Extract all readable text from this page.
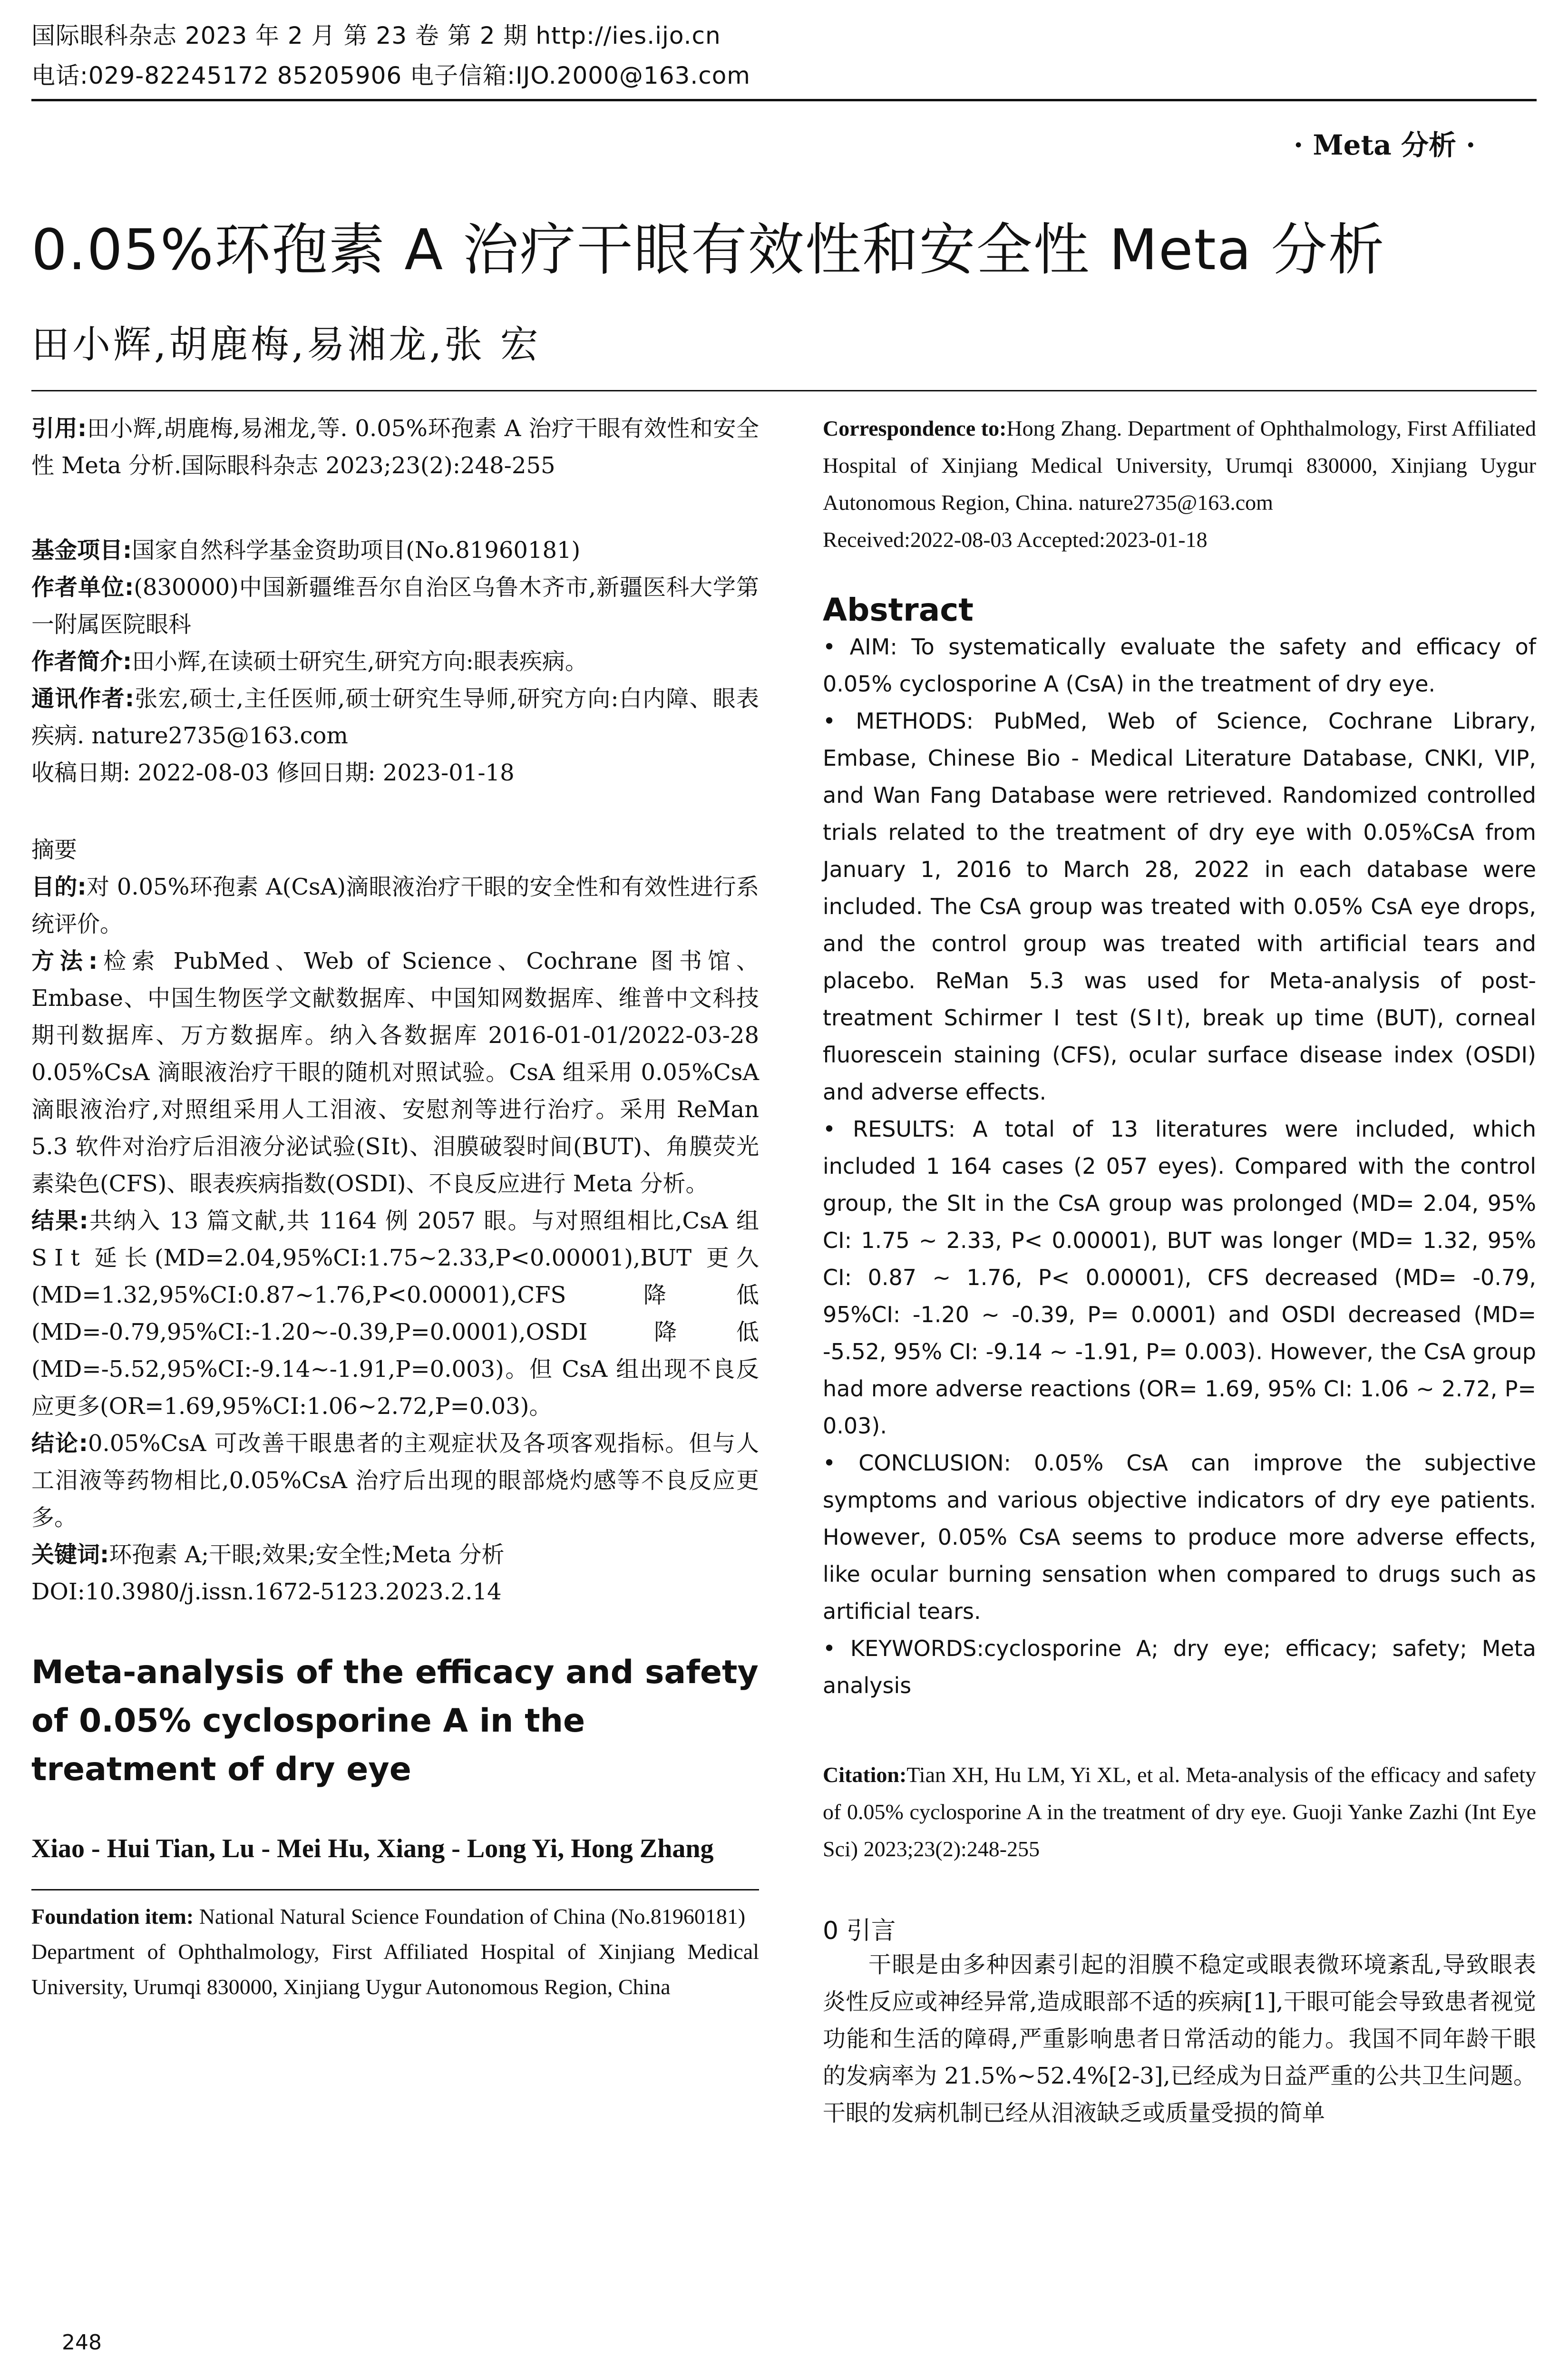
国际眼科杂志 2023 年 2 月 第 23 卷 第 2 期 http://ies.ijo.cn
电话:029-82245172 85205906 电子信箱:IJO.2000@163.com
· Meta 分析 ·
0.05%环孢素 A 治疗干眼有效性和安全性 Meta 分析
田小辉,胡鹿梅,易湘龙,张 宏

引用:田小辉,胡鹿梅,易湘龙,等. 0.05%环孢素 A 治疗干眼有效性和安全性 Meta 分析.国际眼科杂志 2023;23(2):248-255

基金项目:国家自然科学基金资助项目(No.81960181)

作者单位:(830000)中国新疆维吾尔自治区乌鲁木齐市,新疆医科大学第一附属医院眼科

作者简介:田小辉,在读硕士研究生,研究方向:眼表疾病。

通讯作者:张宏,硕士,主任医师,硕士研究生导师,研究方向:白内障、眼表疾病. nature2735@163.com

收稿日期: 2022-08-03 修回日期: 2023-01-18

摘要

目的:对 0.05%环孢素 A(CsA)滴眼液治疗干眼的安全性和有效性进行系统评价。

方法:检索 PubMed、Web of Science、Cochrane 图书馆、Embase、中国生物医学文献数据库、中国知网数据库、维普中文科技期刊数据库、万方数据库。纳入各数据库 2016-01-01/2022-03-28 0.05%CsA 滴眼液治疗干眼的随机对照试验。CsA 组采用 0.05%CsA 滴眼液治疗,对照组采用人工泪液、安慰剂等进行治疗。采用 ReMan 5.3 软件对治疗后泪液分泌试验(SⅠt)、泪膜破裂时间(BUT)、角膜荧光素染色(CFS)、眼表疾病指数(OSDI)、不良反应进行 Meta 分析。

结果:共纳入 13 篇文献,共 1164 例 2057 眼。与对照组相比,CsA 组 SⅠt 延长(MD=2.04,95%CI:1.75~2.33,P<0.00001),BUT 更久(MD=1.32,95%CI:0.87~1.76,P<0.00001),CFS 降低(MD=-0.79,95%CI:-1.20~-0.39,P=0.0001),OSDI 降低(MD=-5.52,95%CI:-9.14~-1.91,P=0.003)。但 CsA 组出现不良反应更多(OR=1.69,95%CI:1.06~2.72,P=0.03)。

结论:0.05%CsA 可改善干眼患者的主观症状及各项客观指标。但与人工泪液等药物相比,0.05%CsA 治疗后出现的眼部烧灼感等不良反应更多。

关键词:环孢素 A;干眼;效果;安全性;Meta 分析

DOI:10.3980/j.issn.1672-5123.2023.2.14

Meta-analysis of the efficacy and safety of 0.05% cyclosporine A in the treatment of dry eye

Xiao - Hui Tian, Lu - Mei Hu, Xiang - Long Yi, Hong Zhang

Foundation item: National Natural Science Foundation of China (No.81960181)

Department of Ophthalmology, First Affiliated Hospital of Xinjiang Medical University, Urumqi 830000, Xinjiang Uygur Autonomous Region, China

Correspondence to:Hong Zhang. Department of Ophthalmology, First Affiliated Hospital of Xinjiang Medical University, Urumqi 830000, Xinjiang Uygur Autonomous Region, China. nature2735@163.com

Received:2022-08-03 Accepted:2023-01-18

Abstract

• AIM: To systematically evaluate the safety and efficacy of 0.05% cyclosporine A (CsA) in the treatment of dry eye.

• METHODS: PubMed, Web of Science, Cochrane Library, Embase, Chinese Bio - Medical Literature Database, CNKI, VIP, and Wan Fang Database were retrieved. Randomized controlled trials related to the treatment of dry eye with 0.05%CsA from January 1, 2016 to March 28, 2022 in each database were included. The CsA group was treated with 0.05% CsA eye drops, and the control group was treated with artificial tears and placebo. ReMan 5.3 was used for Meta-analysis of post-treatment Schirmer Ⅰ test (SⅠt), break up time (BUT), corneal fluorescein staining (CFS), ocular surface disease index (OSDI) and adverse effects.

• RESULTS: A total of 13 literatures were included, which included 1 164 cases (2 057 eyes). Compared with the control group, the SIt in the CsA group was prolonged (MD= 2.04, 95% CI: 1.75 ~ 2.33, P< 0.00001), BUT was longer (MD= 1.32, 95% CI: 0.87 ~ 1.76, P< 0.00001), CFS decreased (MD= -0.79, 95%CI: -1.20 ~ -0.39, P= 0.0001) and OSDI decreased (MD= -5.52, 95% CI: -9.14 ~ -1.91, P= 0.003). However, the CsA group had more adverse reactions (OR= 1.69, 95% CI: 1.06 ~ 2.72, P= 0.03).

• CONCLUSION: 0.05% CsA can improve the subjective symptoms and various objective indicators of dry eye patients. However, 0.05% CsA seems to produce more adverse effects, like ocular burning sensation when compared to drugs such as artificial tears.

• KEYWORDS:cyclosporine A; dry eye; efficacy; safety; Meta analysis

Citation:Tian XH, Hu LM, Yi XL, et al. Meta-analysis of the efficacy and safety of 0.05% cyclosporine A in the treatment of dry eye. Guoji Yanke Zazhi (Int Eye Sci) 2023;23(2):248-255

0 引言

干眼是由多种因素引起的泪膜不稳定或眼表微环境紊乱,导致眼表炎性反应或神经异常,造成眼部不适的疾病[1],干眼可能会导致患者视觉功能和生活的障碍,严重影响患者日常活动的能力。我国不同年龄干眼的发病率为 21.5%~52.4%[2-3],已经成为日益严重的公共卫生问题。干眼的发病机制已经从泪液缺乏或质量受损的简单

248
